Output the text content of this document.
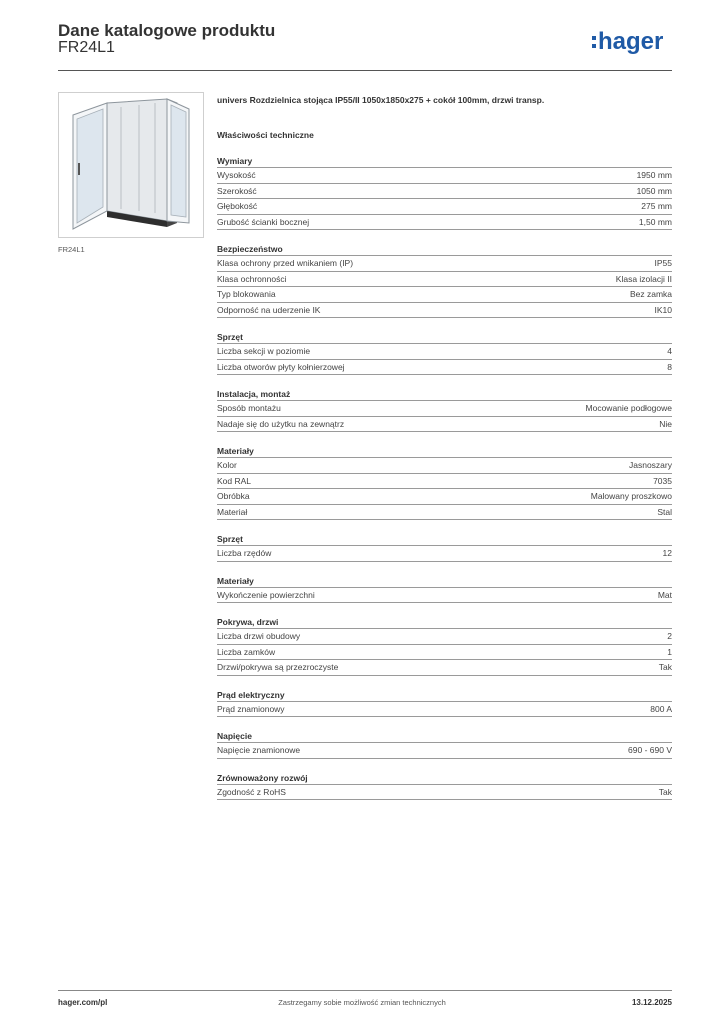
Dane katalogowe produktu
FR24L1	hager
FR24L1
univers Rozdzielnica stojąca IP55/II 1050x1850x275 + cokół 100mm, drzwi transp.
Właściwości techniczne
Wymiary
Wysokość	1950 mm
Szerokość	1050 mm
Głębokość	275 mm
Grubość ścianki bocznej	1,50 mm
Bezpieczeństwo
Klasa ochrony przed wnikaniem (IP)	IP55
Klasa ochronności	Klasa izolacji II
Typ blokowania	Bez zamka
Odporność na uderzenie IK	IK10
Sprzęt
Liczba sekcji w poziomie	4
Liczba otworów płyty kołnierzowej	8
Instalacja, montaż
Sposób montażu	Mocowanie podłogowe
Nadaje się do użytku na zewnątrz	Nie
Materiały
Kolor	Jasnoszary
Kod RAL	7035
Obróbka	Malowany proszkowo
Materiał	Stal
Sprzęt
Liczba rzędów	12
Materiały
Wykończenie powierzchni	Mat
Pokrywa, drzwi
Liczba drzwi obudowy	2
Liczba zamków	1
Drzwi/pokrywa są przezroczyste	Tak
Prąd elektryczny
Prąd znamionowy	800 A
Napięcie
Napięcie znamionowe	690 - 690 V
Zrównoważony rozwój
Zgodność z RoHS	Tak
hager.com/pl	Zastrzegamy sobie możliwość zmian technicznych	13.12.2025
